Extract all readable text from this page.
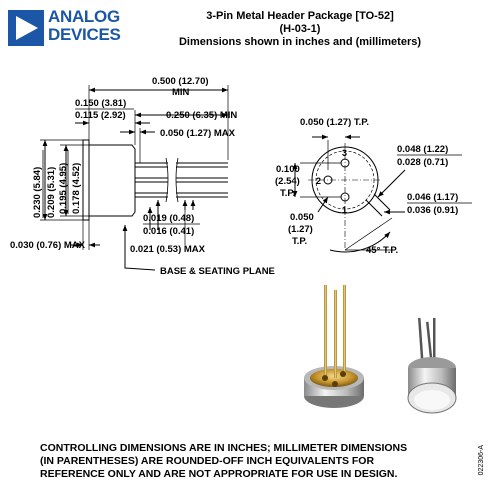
ANALOG
DEVICES
3-Pin Metal Header Package [TO-52]
(H-03-1)
Dimensions shown in inches and (millimeters)
0.500 (12.70)
MIN
0.150 (3.81)
0.115 (2.92)	0.250 (6.35) MIN
0.050 (1.27) MAX
0.230 (5.84) 0.209 (5.31) 0.195 (4.95) 0.178 (4.52)
0.019 (0.48)
0.016 (0.41)
0.030 (0.76) MAX	0.021 (0.53) MAX
BASE & SEATING PLANE
0.050 (1.27) T.P.
0.048 (1.22)
0.028 (0.71)
0.100
(2.54)
T.P.	0.046 (1.17)
0.036 (0.91)
0.050
(1.27)
T.P.
45° T.P.
3
2
1
CONTROLLING DIMENSIONS ARE IN INCHES; MILLIMETER DIMENSIONS
(IN PARENTHESES) ARE ROUNDED-OFF INCH EQUIVALENTS FOR
REFERENCE ONLY AND ARE NOT APPROPRIATE FOR USE IN DESIGN.	022306-A
